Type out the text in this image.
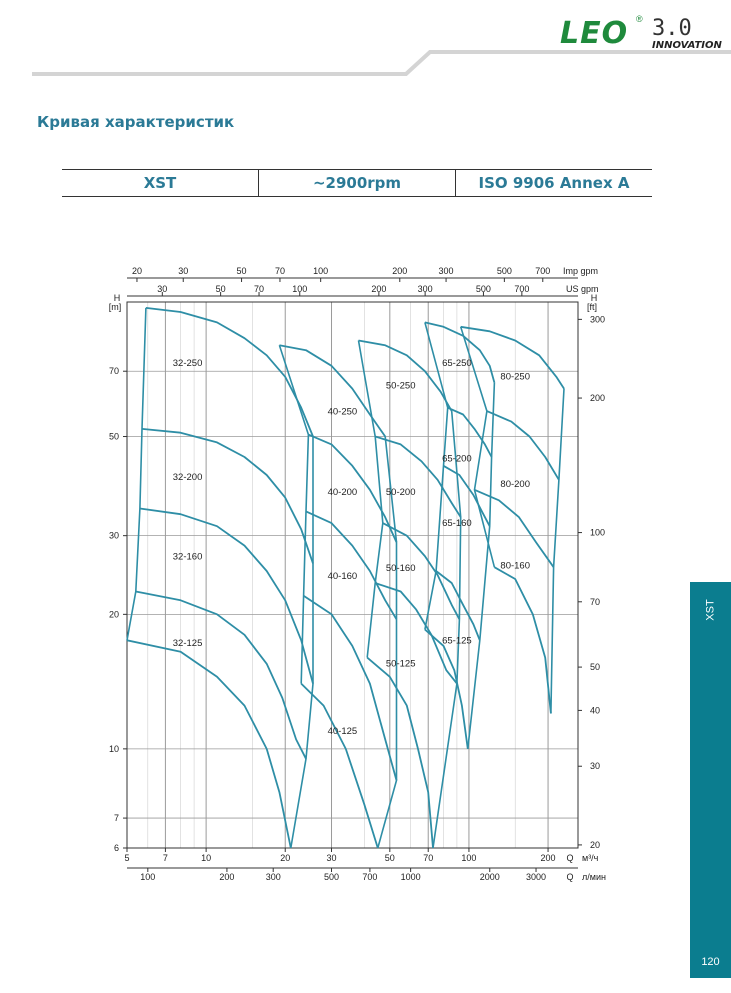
LEO ® 3.0
INNOVATION
Кривая характеристик
XST	~2900rpm	ISO 9906 Annex A
6
7
10
20
30
50
70
H
[m]
20
30
40
50
70
100
200
300
H
[ft]
5	7	10	20	30	50	70	100	200 Q м³/ч
100	200	300	500	700	1000	2000	3000 Q л/мин
20	30	50	70	100	200	300	500	700 Imp gpm
30	50	70	100	200	300	500	700	US gpm
32-250
32-200
32-160
32-125
40-250
40-200
40-160
40-125
50-250
50-200
50-160
50-125
65-250
65-200
65-160
65-125
80-250
80-200
80-160
XST
120
